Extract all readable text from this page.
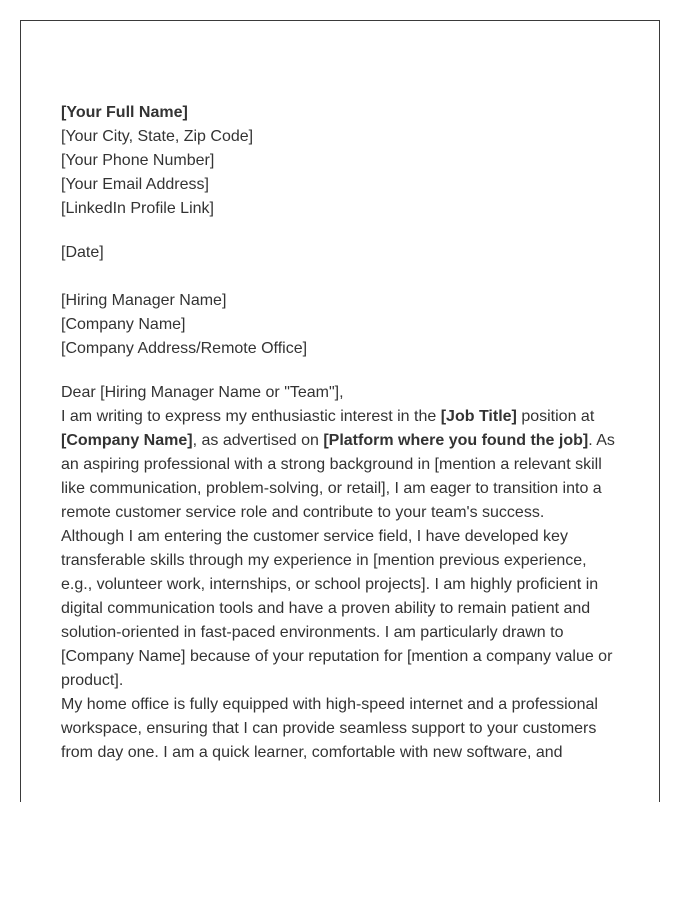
[Your Full Name]
[Your City, State, Zip Code]
[Your Phone Number]
[Your Email Address]
[LinkedIn Profile Link]
[Date]
[Hiring Manager Name]
[Company Name]
[Company Address/Remote Office]
Dear [Hiring Manager Name or "Team"],

I am writing to express my enthusiastic interest in the [Job Title] position at [Company Name], as advertised on [Platform where you found the job]. As an aspiring professional with a strong background in [mention a relevant skill like communication, problem-solving, or retail], I am eager to transition into a remote customer service role and contribute to your team's success.

Although I am entering the customer service field, I have developed key transferable skills through my experience in [mention previous experience, e.g., volunteer work, internships, or school projects]. I am highly proficient in digital communication tools and have a proven ability to remain patient and solution-oriented in fast-paced environments. I am particularly drawn to [Company Name] because of your reputation for [mention a company value or product].

My home office is fully equipped with high-speed internet and a professional workspace, ensuring that I can provide seamless support to your customers from day one. I am a quick learner, comfortable with new software, and
